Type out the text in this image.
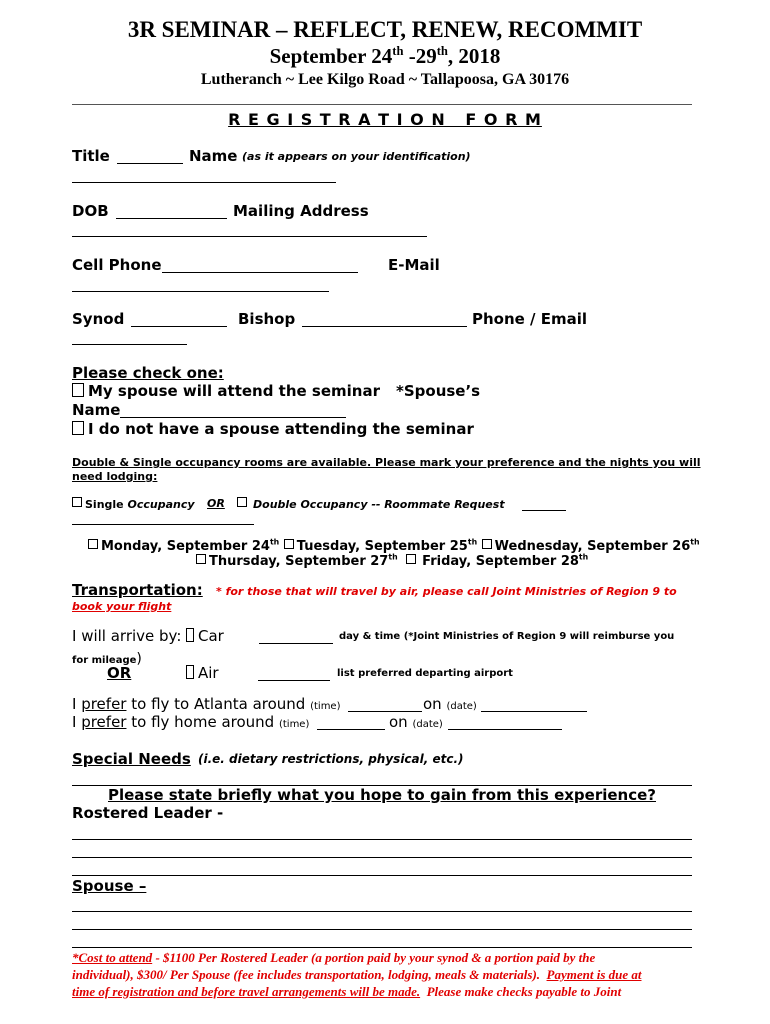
3R SEMINAR – REFLECT, RENEW, RECOMMIT
September 24th -29th, 2018
Lutheranch ~ Lee Kilgo Road ~ Tallapoosa, GA 30176
R E G I S T R A T I O N   F O R M
Title	Name (as it appears on your identification)
DOB	Mailing Address
Cell Phone	E-Mail
Synod	Bishop	Phone / Email
Please check one:
My spouse will attend the seminar *Spouse’s
Name
I do not have a spouse attending the seminar
Double & Single occupancy rooms are available. Please mark your preference and the nights you will need lodging:
Single Occupancy OR	Double Occupancy -- Roommate Request
Monday, September 24th Tuesday, September 25th Wednesday, September 26th
Thursday, September 27th Friday, September 28th
Transportation: * for those that will travel by air, please call Joint Ministries of Region 9 to
book your flight
I will arrive by:	Car	day & time (*Joint Ministries of Region 9 will reimburse you
for mileage)
OR	Air	list preferred departing airport
I prefer to fly to Atlanta around (time)	on (date)
I prefer to fly home around (time)	on (date)
Special Needs (i.e. dietary restrictions, physical, etc.)
Please state briefly what you hope to gain from this experience?
Rostered Leader -
Spouse –
*Cost to attend - $1100 Per Rostered Leader (a portion paid by your synod & a portion paid by the
individual), $300/ Per Spouse (fee includes transportation, lodging, meals & materials).  Payment is due at
time of registration and before travel arrangements will be made.  Please make checks payable to Joint
